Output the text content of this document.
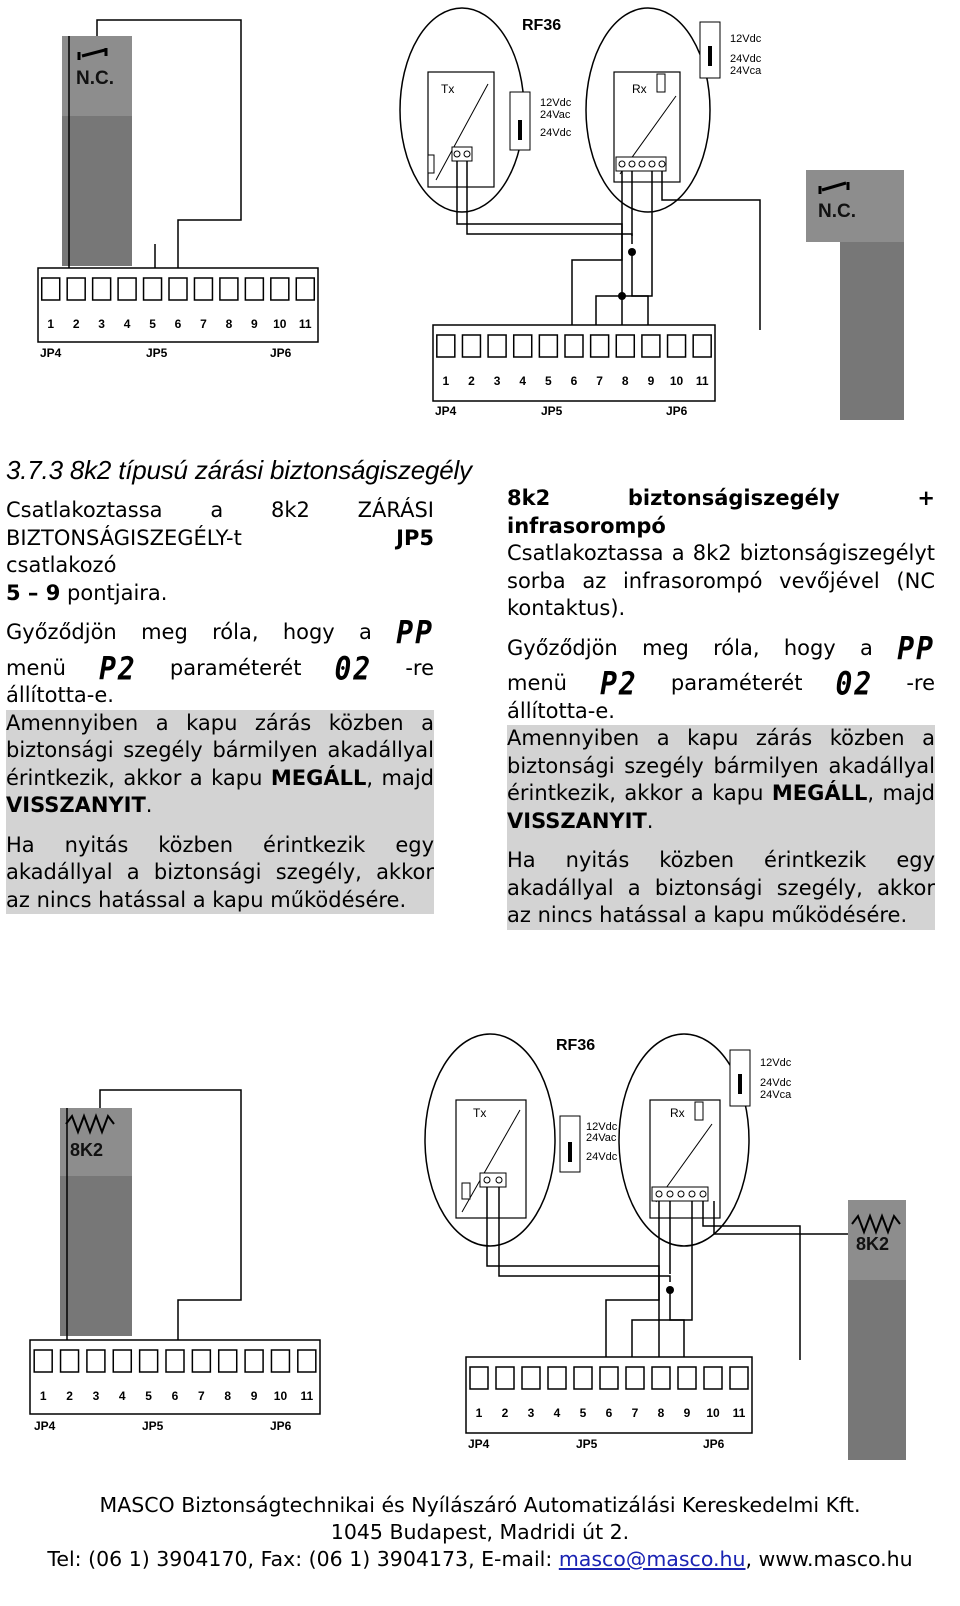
N.C.
1 2 3 4 5 6 7 8 9 10 11
JP4	JP5	JP6
RF36
Tx
12Vdc
24Vac
24Vdc
Rx
12Vdc
24Vdc
24Vca
N.C.
1 2 3 4 5 6 7 8 9 10 11
JP4	JP5	JP6
3.7.3 8k2 típusú zárási biztonságiszegély
Csatlakoztassa a 8k2 ZÁRÁSI
BIZTONSÁGISZEGÉLY-t	JP5

csatlakozó

5 – 9 pontjaira.

Győződjön meg róla, hogy a PP
menü P2 paraméterét 02 -re

állította-e.

Amennyiben a kapu zárás közben a biztonsági szegély bármilyen akadállyal érintkezik, akkor a kapu MEGÁLL, majd VISSZANYIT.

Ha nyitás közben érintkezik egy akadállyal a biztonsági szegély, akkor az nincs hatással a kapu működésére.

8k2	biztonságiszegély	+

infrasorompó

Csatlakoztassa a 8k2 biztonságiszegélyt sorba az infrasorompó vevőjével (NC kontaktus).

Győződjön meg róla, hogy a PP
menü P2 paraméterét 02 -re

állította-e.

Amennyiben a kapu zárás közben a biztonsági szegély bármilyen akadállyal érintkezik, akkor a kapu MEGÁLL, majd VISSZANYIT.

Ha nyitás közben érintkezik egy akadállyal a biztonsági szegély, akkor az nincs hatással a kapu működésére.

8K2
1 2 3 4 5 6 7 8 9 10 11
JP4	JP5	JP6
RF36
Tx
12Vdc
24Vac
24Vdc
Rx
12Vdc
24Vdc
24Vca
8K2
1 2 3 4 5 6 7 8 9 10 11
JP4	JP5	JP6
MASCO Biztonságtechnikai és Nyílászáró Automatizálási Kereskedelmi Kft.
1045 Budapest, Madridi út 2.
Tel: (06 1) 3904170, Fax: (06 1) 3904173, E-mail: masco@masco.hu, www.masco.hu
